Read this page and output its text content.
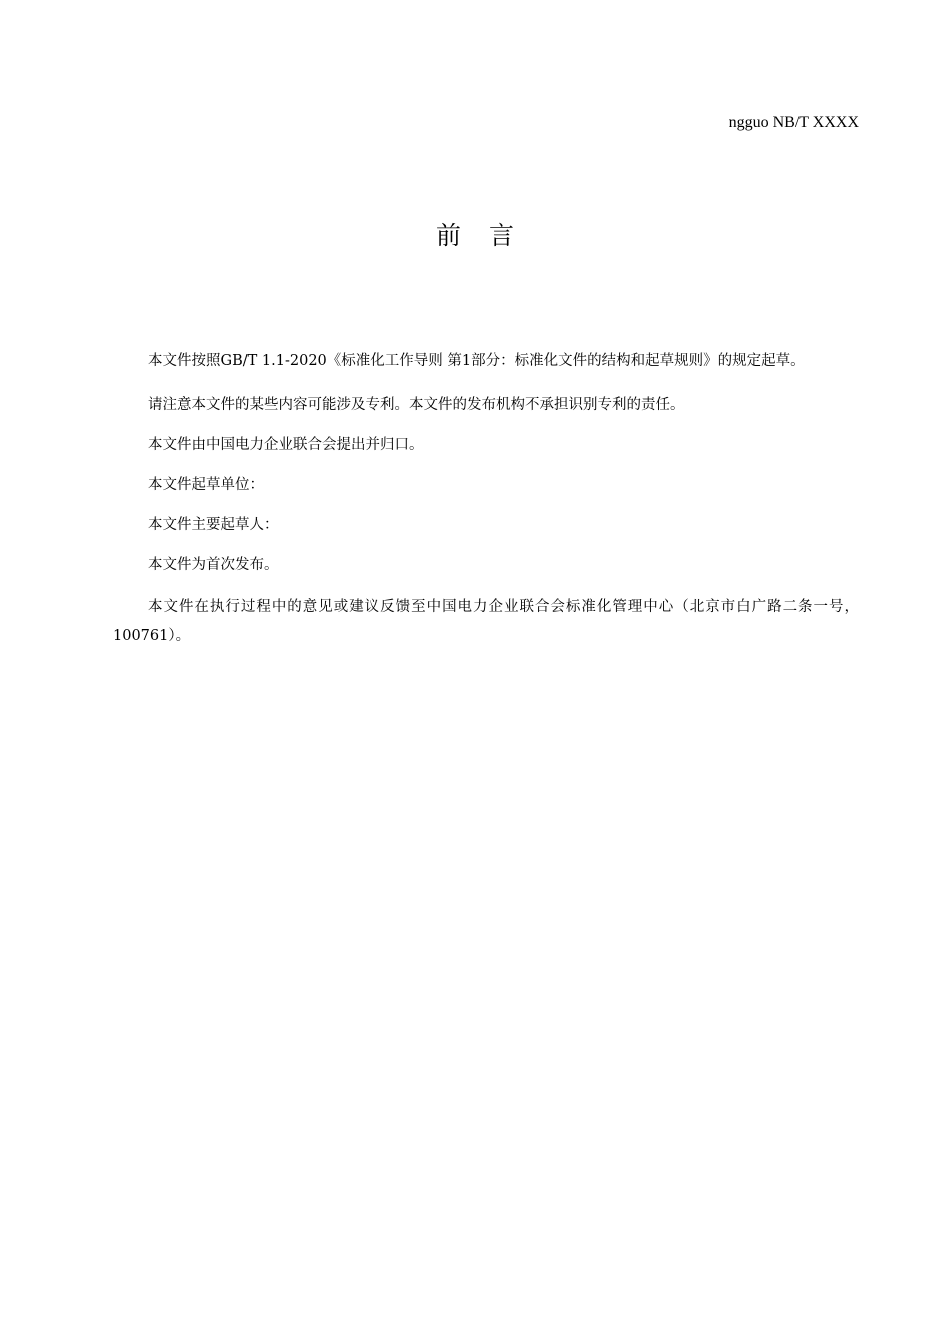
ngguo NB/T XXXX
前言

本文件按照GB/T 1.1-2020《标准化工作导则 第1部分：标准化文件的结构和起草规则》的规定起草。

请注意本文件的某些内容可能涉及专利。本文件的发布机构不承担识别专利的责任。

本文件由中国电力企业联合会提出并归口。

本文件起草单位：

本文件主要起草人：

本文件为首次发布。

本文件在执行过程中的意见或建议反馈至中国电力企业联合会标准化管理中心（北京市白广路二条一号，100761）。
